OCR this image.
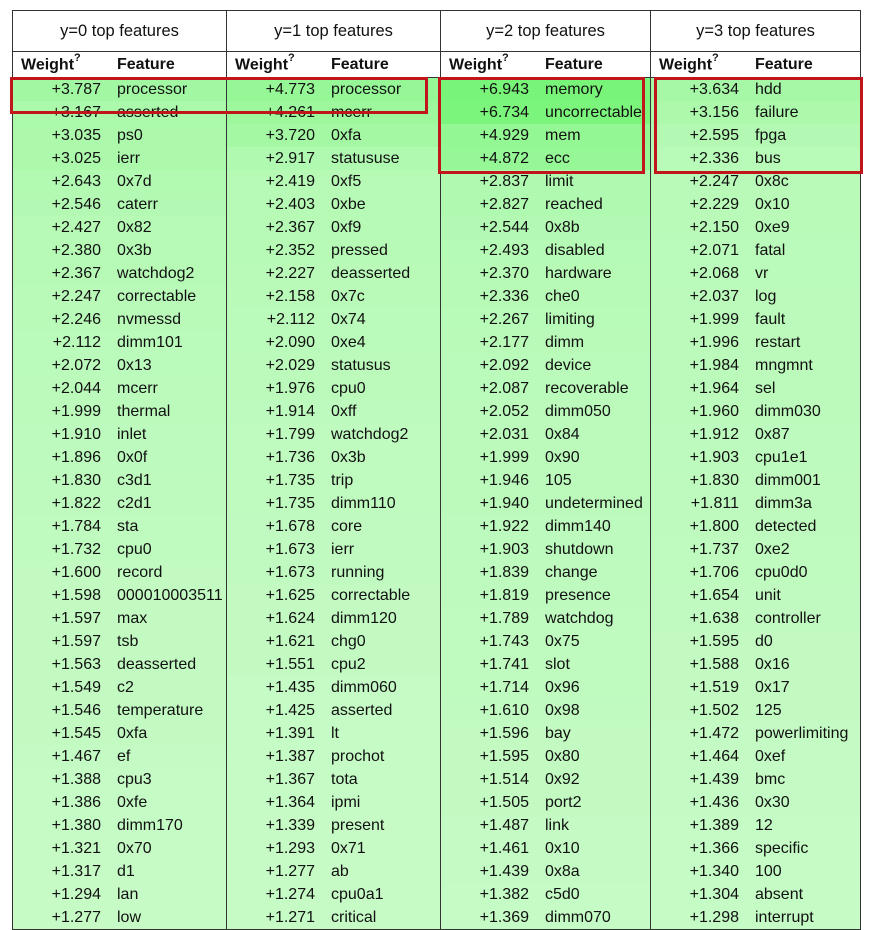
y=0 top features	y=1 top features	y=2 top features	y=3 top features

Weight?	Feature
+3.787	processor
+3.167	asserted
+3.035	ps0
+3.025	ierr
+2.643	0x7d
+2.546	caterr
+2.427	0x82
+2.380	0x3b
+2.367	watchdog2
+2.247	correctable
+2.246	nvmessd
+2.112	dimm101
+2.072	0x13
+2.044	mcerr
+1.999	thermal
+1.910	inlet
+1.896	0x0f
+1.830	c3d1
+1.822	c2d1
+1.784	sta
+1.732	cpu0
+1.600	record
+1.598	000010003511
+1.597	max
+1.597	tsb
+1.563	deasserted
+1.549	c2
+1.546	temperature
+1.545	0xfa
+1.467	ef
+1.388	cpu3
+1.386	0xfe
+1.380	dimm170
+1.321	0x70
+1.317	d1
+1.294	lan
+1.277	low

Weight?	Feature
+4.773	processor
+4.261	mcerr
+3.720	0xfa
+2.917	statususe
+2.419	0xf5
+2.403	0xbe
+2.367	0xf9
+2.352	pressed
+2.227	deasserted
+2.158	0x7c
+2.112	0x74
+2.090	0xe4
+2.029	statusus
+1.976	cpu0
+1.914	0xff
+1.799	watchdog2
+1.736	0x3b
+1.735	trip
+1.735	dimm110
+1.678	core
+1.673	ierr
+1.673	running
+1.625	correctable
+1.624	dimm120
+1.621	chg0
+1.551	cpu2
+1.435	dimm060
+1.425	asserted
+1.391	lt
+1.387	prochot
+1.367	tota
+1.364	ipmi
+1.339	present
+1.293	0x71
+1.277	ab
+1.274	cpu0a1
+1.271	critical

Weight?	Feature
+6.943	memory
+6.734	uncorrectable
+4.929	mem
+4.872	ecc
+2.837	limit
+2.827	reached
+2.544	0x8b
+2.493	disabled
+2.370	hardware
+2.336	che0
+2.267	limiting
+2.177	dimm
+2.092	device
+2.087	recoverable
+2.052	dimm050
+2.031	0x84
+1.999	0x90
+1.946	105
+1.940	undetermined
+1.922	dimm140
+1.903	shutdown
+1.839	change
+1.819	presence
+1.789	watchdog
+1.743	0x75
+1.741	slot
+1.714	0x96
+1.610	0x98
+1.596	bay
+1.595	0x80
+1.514	0x92
+1.505	port2
+1.487	link
+1.461	0x10
+1.439	0x8a
+1.382	c5d0
+1.369	dimm070

Weight?	Feature
+3.634	hdd
+3.156	failure
+2.595	fpga
+2.336	bus
+2.247	0x8c
+2.229	0x10
+2.150	0xe9
+2.071	fatal
+2.068	vr
+2.037	log
+1.999	fault
+1.996	restart
+1.984	mngmnt
+1.964	sel
+1.960	dimm030
+1.912	0x87
+1.903	cpu1e1
+1.830	dimm001
+1.811	dimm3a
+1.800	detected
+1.737	0xe2
+1.706	cpu0d0
+1.654	unit
+1.638	controller
+1.595	d0
+1.588	0x16
+1.519	0x17
+1.502	125
+1.472	powerlimiting
+1.464	0xef
+1.439	bmc
+1.436	0x30
+1.389	12
+1.366	specific
+1.340	100
+1.304	absent
+1.298	interrupt
